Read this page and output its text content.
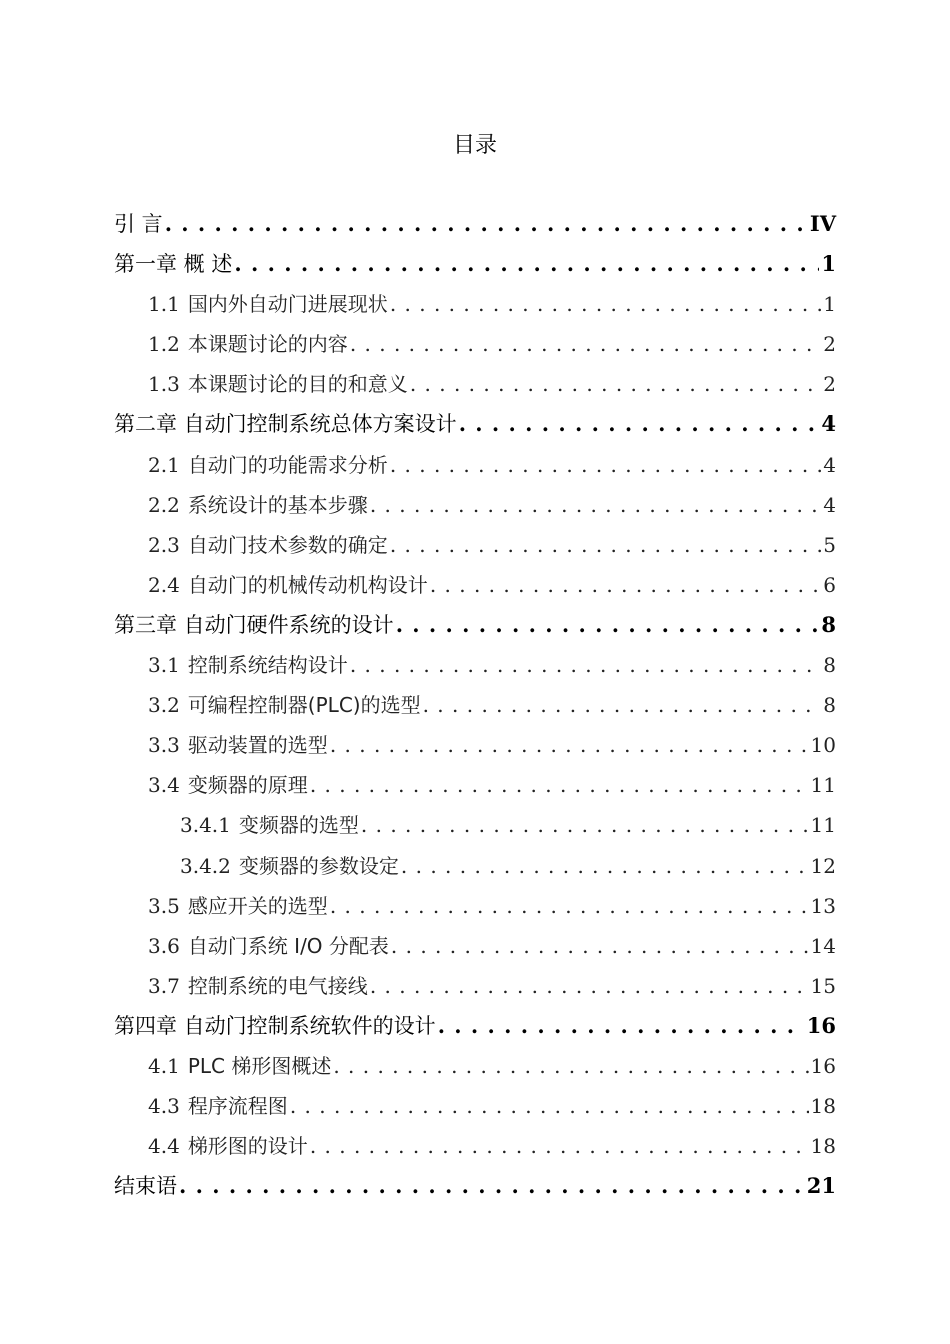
目录
引 言 . . .	IV
第一章 概 述 . . .	1
1.1 国内外自动门进展现状 . . .	1
1.2 本课题讨论的内容 . . .	2
1.3 本课题讨论的目的和意义 . . .	2
第二章 自动门控制系统总体方案设计 . . .	4
2.1 自动门的功能需求分析 . . .	4
2.2 系统设计的基本步骤 . . .	4
2.3 自动门技术参数的确定 . . .	5
2.4 自动门的机械传动机构设计 . . .	6
第三章 自动门硬件系统的设计 . . .	8
3.1 控制系统结构设计 . . .	8
3.2 可编程控制器(PLC)的选型 . . .	8
3.3 驱动装置的选型 . . .	10
3.4 变频器的原理 . . .	11
3.4.1 变频器的选型 . . .	11
3.4.2 变频器的参数设定 . . .	12
3.5 感应开关的选型 . . .	13
3.6 自动门系统 I/O 分配表 . . .	14
3.7 控制系统的电气接线 . . .	15
第四章 自动门控制系统软件的设计 . . .	16
4.1 PLC 梯形图概述 . . .	16
4.3 程序流程图 . . .	18
4.4 梯形图的设计 . . .	18
结束语 . . .	21
